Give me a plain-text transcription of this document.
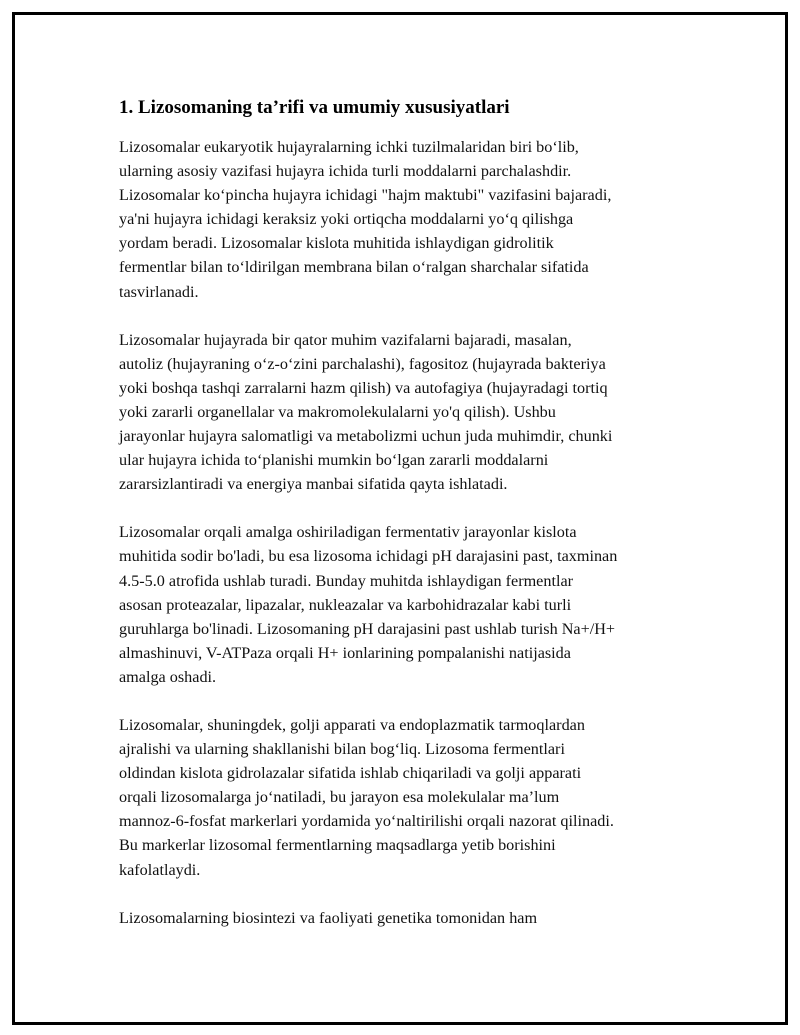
1. Lizosomaning ta’rifi va umumiy xususiyatlari

Lizosomalar eukaryotik hujayralarning ichki tuzilmalaridan biri bo‘lib,
ularning asosiy vazifasi hujayra ichida turli moddalarni parchalashdir.
Lizosomalar ko‘pincha hujayra ichidagi "hajm maktubi" vazifasini bajaradi,
ya'ni hujayra ichidagi keraksiz yoki ortiqcha moddalarni yo‘q qilishga
yordam beradi. Lizosomalar kislota muhitida ishlaydigan gidrolitik
fermentlar bilan to‘ldirilgan membrana bilan o‘ralgan sharchalar sifatida
tasvirlanadi.

Lizosomalar hujayrada bir qator muhim vazifalarni bajaradi, masalan,
autoliz (hujayraning o‘z-o‘zini parchalashi), fagositoz (hujayrada bakteriya
yoki boshqa tashqi zarralarni hazm qilish) va autofagiya (hujayradagi tortiq
yoki zararli organellalar va makromolekulalarni yo'q qilish). Ushbu
jarayonlar hujayra salomatligi va metabolizmi uchun juda muhimdir, chunki
ular hujayra ichida to‘planishi mumkin bo‘lgan zararli moddalarni
zararsizlantiradi va energiya manbai sifatida qayta ishlatadi.

Lizosomalar orqali amalga oshiriladigan fermentativ jarayonlar kislota
muhitida sodir bo'ladi, bu esa lizosoma ichidagi pH darajasini past, taxminan
4.5-5.0 atrofida ushlab turadi. Bunday muhitda ishlaydigan fermentlar
asosan proteazalar, lipazalar, nukleazalar va karbohidrazalar kabi turli
guruhlarga bo'linadi. Lizosomaning pH darajasini past ushlab turish Na+/H+
almashinuvi, V-ATPaza orqali H+ ionlarining pompalanishi natijasida
amalga oshadi.

Lizosomalar, shuningdek, golji apparati va endoplazmatik tarmoqlardan
ajralishi va ularning shakllanishi bilan bog‘liq. Lizosoma fermentlari
oldindan kislota gidrolazalar sifatida ishlab chiqariladi va golji apparati
orqali lizosomalarga jo‘natiladi, bu jarayon esa molekulalar ma’lum
mannoz-6-fosfat markerlari yordamida yo‘naltirilishi orqali nazorat qilinadi.
Bu markerlar lizosomal fermentlarning maqsadlarga yetib borishini
kafolatlaydi.

Lizosomalarning biosintezi va faoliyati genetika tomonidan ham
